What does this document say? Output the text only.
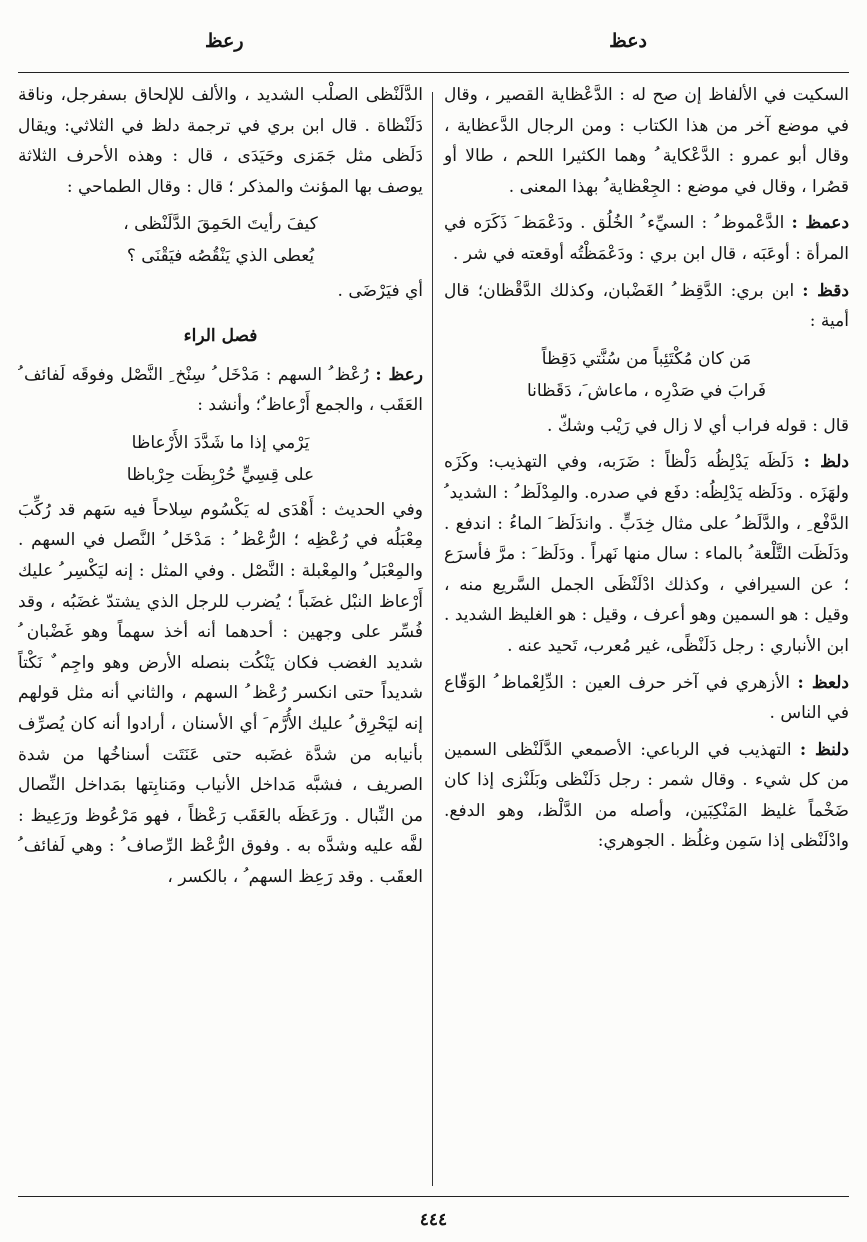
دعظ
رعظ
السكيت في الألفاظ إن صح له : الدَّعْظاية القصير ، وقال في موضع آخر من هذا الكتاب : ومن الرجال الدَّعظاية ، وقال أبو عمرو : الدَّعْكاية ُ وهما الكثيرا اللحم ، طالا أو قصُرا ، وقال في موضع : الجِعْظاية ُ بهذا المعنى .
دعمظ : الدَّعْموظ ُ : السيِّء ُ الخُلُق . ودَعْمَظ َ ذَكَرَه في المرأة : أوعَبَه ، قال ابن بري : ودَعْمَظْتُه أوقعته في شر .
دقظ : ابن بري: الدَّقِظ ُ الغَضْبان، وكذلك الدَّقْظان؛ قال أمية :
مَن كان مُكْتَئِباً من سُنَّتي دَقِظاً
فَرابَ في صَدْرِه ، ماعاش َ، دَقَظانا
قال : قوله فراب أي لا زال في رَيْب وشكّ .
دلظ : دَلَظَه يَدْلِظُه دَلْظاً : ضَرَبه، وفي التهذيب: وكَزَه ولهَزَه . ودَلَظه يَدْلِظُه: دفَع في صدره. والمِدْلَظ ُ : الشديد ُ الدَّفْع ِ ، والدَّلَظ ُ على مثال خِدَبٍّ . واندَلَظ َ الماءُ : اندفع . ودَلَظَت التَّلْعة ُ بالماء : سال منها نَهراً . ودَلَظ َ : مرَّ فأسرَع ؛ عن السيرافي ، وكذلك ادْلَنْظَى الجمل السَّريع منه ، وقيل : هو السمين وهو أعرف ، وقيل : هو الغليظ الشديد . ابن الأنباري : رجل دَلَنْظًى، غير مُعرب، تَحيد عنه .
دلعظ : الأزهري في آخر حرف العين : الدِّلِعْماظ ُ الوَقّاع في الناس .
دلنظ : التهذيب في الرباعي: الأصمعي الدَّلَنْظى السمين من كل شيء . وقال شمر : رجل دَلَنْظى وبَلَنْزى إذا كان ضَخْماً غليظ المَنْكِبَين، وأصله من الدَّلْظ، وهو الدفع. وادْلَنْظى إذا سَمِن وغلُظ . الجوهري:
الدَّلَنْظى الصلْب الشديد ، والألف للإلحاق بسفرجل، وناقة دَلَنْظاة . قال ابن بري في ترجمة دلظ في الثلاثي: ويقال دَلَظى مثل جَمَزى وحَيَدَى ، قال : وهذه الأحرف الثلاثة يوصف بها المؤنث والمذكر ؛ قال : وقال الطماحي :
كيفَ رأيتَ الحَمِقَ الدَّلَنْظى ،
يُعطى الذي يَنْقُصُه فيَقْنَى ؟
أي فيَرْضَى .
فصل الراء
رعظ : رُعْظ ُ السهم : مَدْخَل ُ سِنْخ ِ النَّصْل وفوقَه لَفائف ُ العَقَب ، والجمع أَرْعاظ ٌ؛ وأنشد :
يَرْمي إذا ما شَدَّدَ الأَرْعاظا
على قِسِيٍّ حُرْبِظَت حِرْباظا
وفي الحديث : أَهْدَى له يَكْسُوم سِلاحاً فيه سَهم قد رُكِّبَ مِعْبَلُه في رُعْظِه ؛ الرُّعْظ ُ : مَدْخَل ُ النَّصل في السهم . والمِعْبَل ُ والمِعْبلة : النَّصْل . وفي المثل : إنه ليَكْسِر ُ عليك أَرْعاظ النبْل غضَباً ؛ يُضرب للرجل الذي يشتدّ غضَبُه ، وقد فُسِّر على وجهين : أحدهما أنه أخذ سهماً وهو غَضْبان ُ شديد الغضب فكان يَنْكُت بنصله الأرض وهو واجِم ٌ نَكْتاً شديداً حتى انكسر رُعْظ ُ السهم ، والثاني أنه مثل قولهم إنه ليَحْرِق ُ عليك الأُرَّم َ أي الأسنان ، أرادوا أنه كان يُصرِّف بأنيابه من شدَّة غضَبه حتى عَنَتَت أسناخُها من شدة الصريف ، فشبَّه مَداخل الأنياب ومَنابِتها بمَداخل النِّصال من النِّبال . ورَعَظَه بالعَقَب رَعْظاً ، فهو مَرْعُوظ ورَعِيظ : لفَّه عليه وشدَّه به . وفوق الرُّعْظ الرِّصاف ُ : وهي لَفائف ُ العقَب . وقد رَعِظ السهم ُ ، بالكسر ،
٤٤٤
